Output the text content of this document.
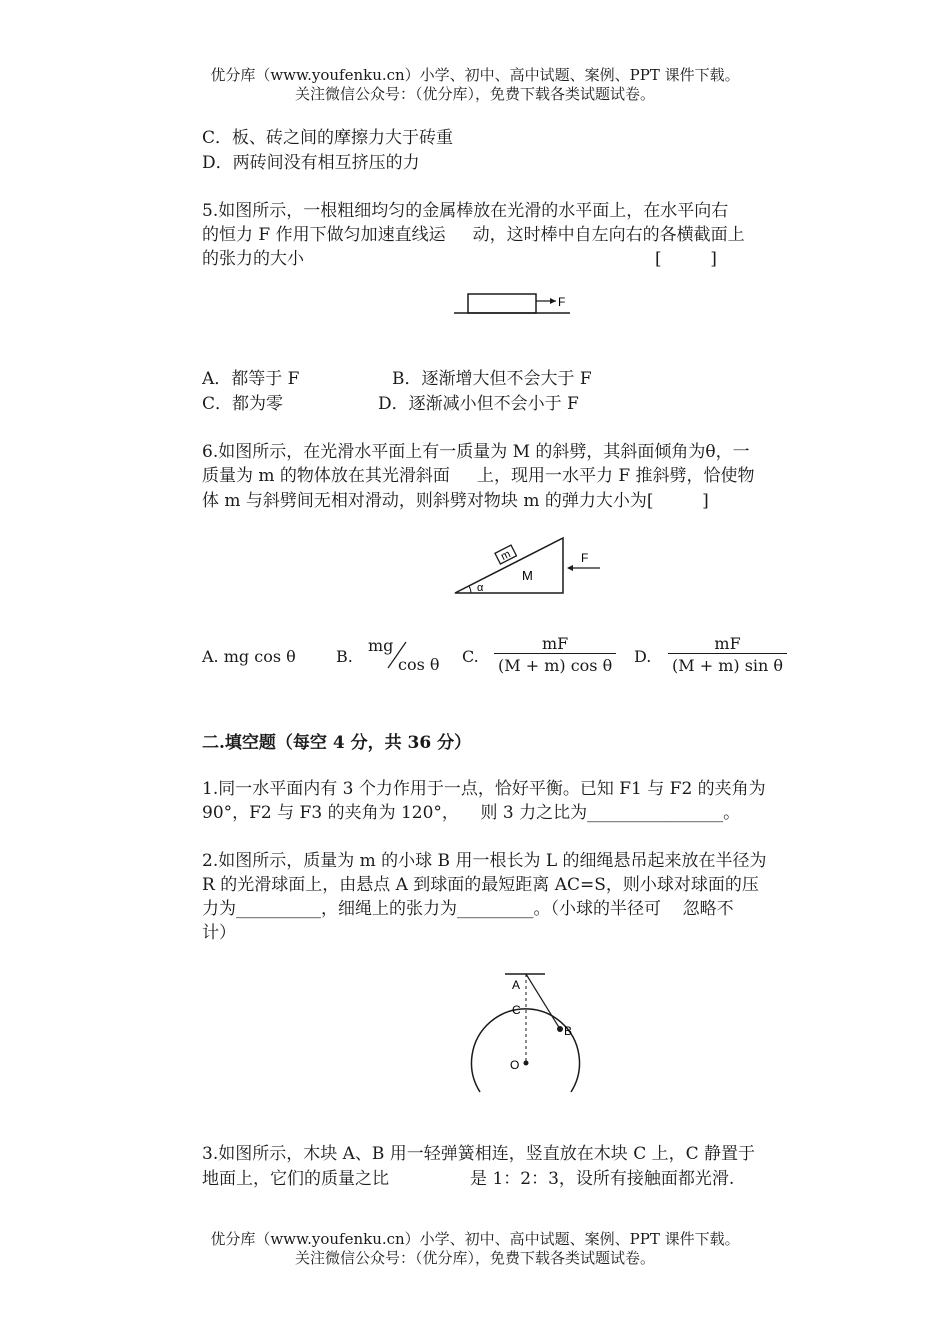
优分库（www.youfenku.cn）小学、初中、高中试题、案例、PPT 课件下载。
关注微信公众号：（优分库），免费下载各类试题试卷。
C．板、砖之间的摩擦力大于砖重
D．两砖间没有相互挤压的力
5.如图所示，一根粗细均匀的金属棒放在光滑的水平面上，在水平向右
的恒力 F 作用下做匀加速直线运     动，这时棒中自左向右的各横截面上
的张力的大小	[         ]
F
A．都等于 F	B．逐渐增大但不会大于 F
C．都为零	D．逐渐减小但不会小于 F
6.如图所示，在光滑水平面上有一质量为 M 的斜劈，其斜面倾角为θ，一
质量为 m 的物体放在其光滑斜面     上，现用一水平力 F 推斜劈，恰使物
体 m 与斜劈间无相对滑动，则斜劈对物块 m 的弹力大小为[         ]
m
M
F
α
A. mg cos θ	B.
mg
cos θ C. $\frac{mF}{\text{(M + m) cos θ}} D$. $\frac{mF}{\text{(M + m) sin θ}}$
二.填空题（每空 4 分，共 36 分）
1.同一水平面内有 3 个力作用于一点，恰好平衡。已知 F1 与 F2 的夹角为
90°，F2 与 F3 的夹角为 120°，    则 3 力之比为________________。
2.如图所示，质量为 m 的小球 B 用一根长为 L 的细绳悬吊起来放在半径为
R 的光滑球面上，由悬点 A 到球面的最短距离 AC=S，则小球对球面的压
力为__________，细绳上的张力为_________。（小球的半径可    忽略不
计）
A
C
B
O
3.如图所示，木块 A、B 用一轻弹簧相连，竖直放在木块 C 上，C 静置于
地面上，它们的质量之比               是 1：2：3，设所有接触面都光滑.
优分库（www.youfenku.cn）小学、初中、高中试题、案例、PPT 课件下载。
关注微信公众号：（优分库），免费下载各类试题试卷。
